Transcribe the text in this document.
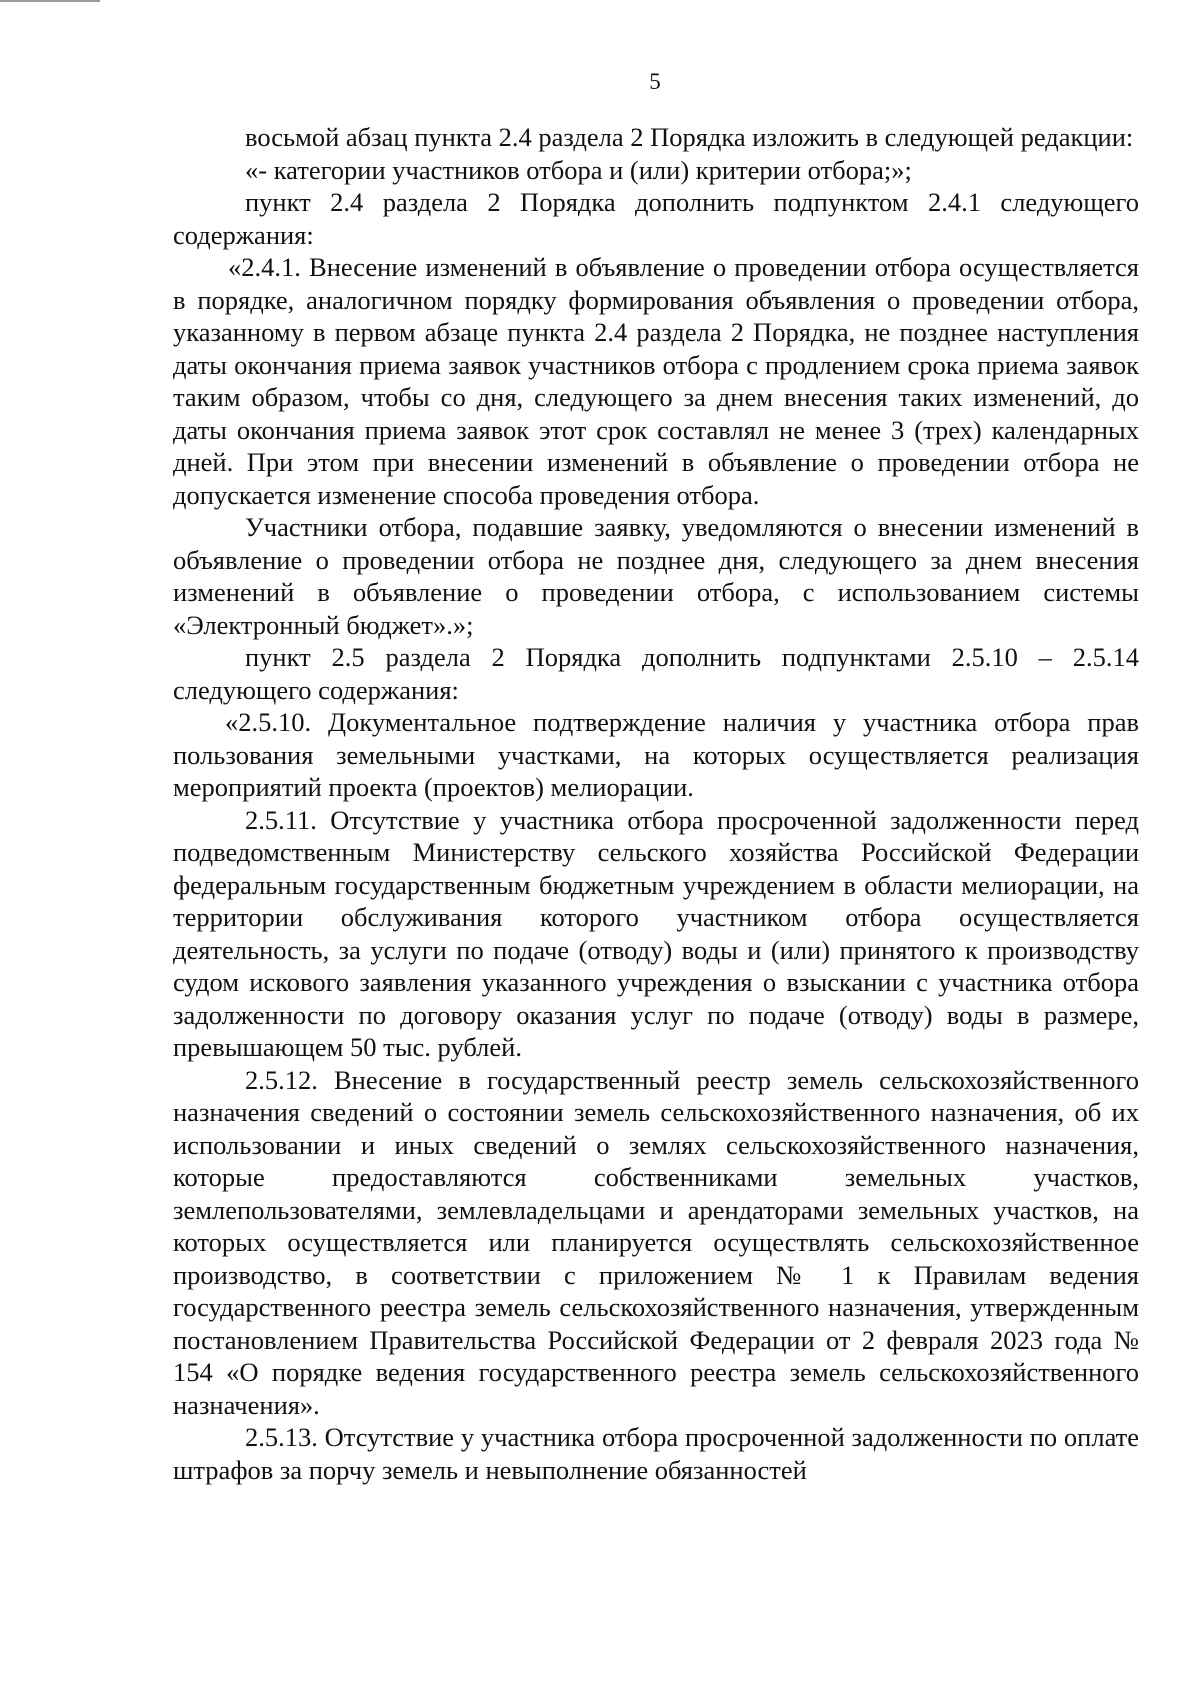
5

восьмой абзац пункта 2.4 раздела 2 Порядка изложить в следующей редакции:

«- категории участников отбора и (или) критерии отбора;»;

пункт 2.4 раздела 2 Порядка дополнить подпунктом 2.4.1 следующего содержания:

«2.4.1. Внесение изменений в объявление о проведении отбора осуществляется в порядке, аналогичном порядку формирования объявления о проведении отбора, указанному в первом абзаце пункта 2.4 раздела 2 Порядка, не позднее наступления даты окончания приема заявок участников отбора с продлением срока приема заявок таким образом, чтобы со дня, следующего за днем внесения таких изменений, до даты окончания приема заявок этот срок составлял не менее 3 (трех) календарных дней. При этом при внесении изменений в объявление о проведении отбора не допускается изменение способа проведения отбора.

Участники отбора, подавшие заявку, уведомляются о внесении изменений в объявление о проведении отбора не позднее дня, следующего за днем внесения изменений в объявление о проведении отбора, с использованием системы «Электронный бюджет».»;

пункт 2.5 раздела 2 Порядка дополнить подпунктами 2.5.10 – 2.5.14 следующего содержания:

«2.5.10. Документальное подтверждение наличия у участника отбора прав пользования земельными участками, на которых осуществляется реализация мероприятий проекта (проектов) мелиорации.

2.5.11. Отсутствие у участника отбора просроченной задолженности перед подведомственным Министерству сельского хозяйства Российской Федерации федеральным государственным бюджетным учреждением в области мелиорации, на территории обслуживания которого участником отбора осуществляется деятельность, за услуги по подаче (отводу) воды и (или) принятого к производству судом искового заявления указанного учреждения о взыскании с участника отбора задолженности по договору оказания услуг по подаче (отводу) воды в размере, превышающем 50 тыс. рублей.

2.5.12. Внесение в государственный реестр земель сельскохозяйственного назначения сведений о состоянии земель сельскохозяйственного назначения, об их использовании и иных сведений о землях сельскохозяйственного назначения, которые предоставляются собственниками земельных участков, землепользователями, землевладельцами и арендаторами земельных участков, на которых осуществляется или планируется осуществлять сельскохозяйственное производство, в соответствии с приложением № 1 к Правилам ведения государственного реестра земель сельскохозяйственного назначения, утвержденным постановлением Правительства Российской Федерации от 2 февраля 2023 года № 154 «О порядке ведения государственного реестра земель сельскохозяйственного назначения».

2.5.13. Отсутствие у участника отбора просроченной задолженности по оплате штрафов за порчу земель и невыполнение обязанностей
